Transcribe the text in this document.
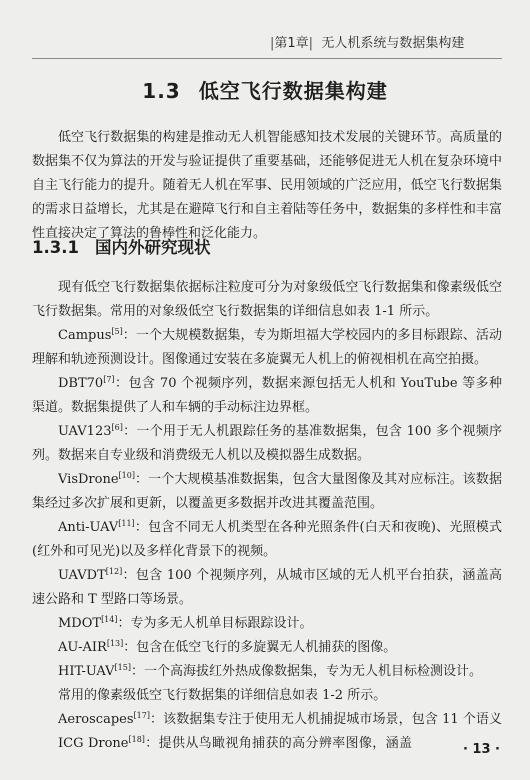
|第1章| 无人机系统与数据集构建
1.3 低空飞行数据集构建
低空飞行数据集的构建是推动无人机智能感知技术发展的关键环节。高质量的数据集不仅为算法的开发与验证提供了重要基础，还能够促进无人机在复杂环境中自主飞行能力的提升。随着无人机在军事、民用领域的广泛应用，低空飞行数据集的需求日益增长，尤其是在避障飞行和自主着陆等任务中，数据集的多样性和丰富性直接决定了算法的鲁棒性和泛化能力。
1.3.1 国内外研究现状
现有低空飞行数据集依据标注粒度可分为对象级低空飞行数据集和像素级低空飞行数据集。常用的对象级低空飞行数据集的详细信息如表 1-1 所示。
Campus[5]：一个大规模数据集，专为斯坦福大学校园内的多目标跟踪、活动理解和轨迹预测设计。图像通过安装在多旋翼无人机上的俯视相机在高空拍摄。
DBT70[7]：包含 70 个视频序列，数据来源包括无人机和 YouTube 等多种渠道。数据集提供了人和车辆的手动标注边界框。
UAV123[6]：一个用于无人机跟踪任务的基准数据集，包含 100 多个视频序列。数据来自专业级和消费级无人机以及模拟器生成数据。
VisDrone[10]：一个大规模基准数据集，包含大量图像及其对应标注。该数据集经过多次扩展和更新，以覆盖更多数据并改进其覆盖范围。
Anti-UAV[11]：包含不同无人机类型在各种光照条件(白天和夜晚)、光照模式(红外和可见光)以及多样化背景下的视频。
UAVDT[12]：包含 100 个视频序列，从城市区域的无人机平台拍获，涵盖高速公路和 T 型路口等场景。
MDOT[14]：专为多无人机单目标跟踪设计。
AU-AIR[13]：包含在低空飞行的多旋翼无人机捕获的图像。
HIT-UAV[15]：一个高海拔红外热成像数据集，专为无人机目标检测设计。
常用的像素级低空飞行数据集的详细信息如表 1-2 所示。
Aeroscapes[17]：该数据集专注于使用无人机捕捉城市场景，包含 11 个语义
ICG Drone[18]：提供从鸟瞰视角捕获的高分辨率图像，涵盖	· 13 ·
